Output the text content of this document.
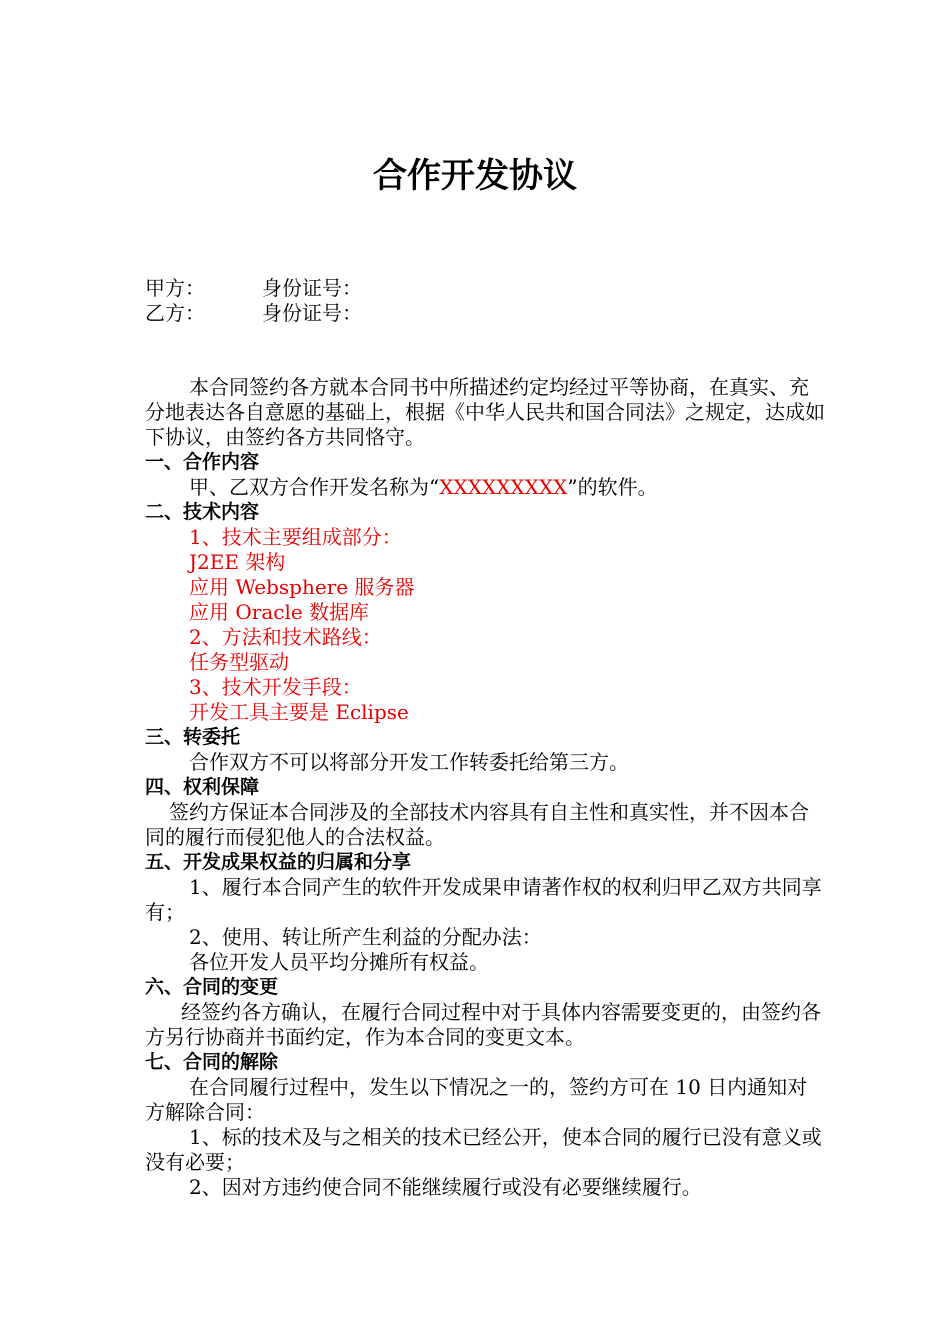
合作开发协议
甲方：	身份证号：
乙方：	身份证号：

本合同签约各方就本合同书中所描述约定均经过平等协商，在真实、充分地表达各自意愿的基础上，根据《中华人民共和国合同法》之规定，达成如下协议，由签约各方共同恪守。

一、合作内容

甲、乙双方合作开发名称为“XXXXXXXXX”的软件。

二、技术内容

1、技术主要组成部分：

J2EE 架构

应用 Websphere 服务器

应用 Oracle 数据库

2、方法和技术路线：

任务型驱动

3、技术开发手段：

开发工具主要是 Eclipse

三、转委托

合作双方不可以将部分开发工作转委托给第三方。

四、权利保障

签约方保证本合同涉及的全部技术内容具有自主性和真实性，并不因本合同的履行而侵犯他人的合法权益。

五、开发成果权益的归属和分享

1、履行本合同产生的软件开发成果申请著作权的权利归甲乙双方共同享有；

2、使用、转让所产生利益的分配办法：

各位开发人员平均分摊所有权益。

六、合同的变更

经签约各方确认，在履行合同过程中对于具体内容需要变更的，由签约各方另行协商并书面约定，作为本合同的变更文本。

七、合同的解除

在合同履行过程中，发生以下情况之一的，签约方可在 10 日内通知对方解除合同：

1、标的技术及与之相关的技术已经公开，使本合同的履行已没有意义或没有必要；

2、因对方违约使合同不能继续履行或没有必要继续履行。
